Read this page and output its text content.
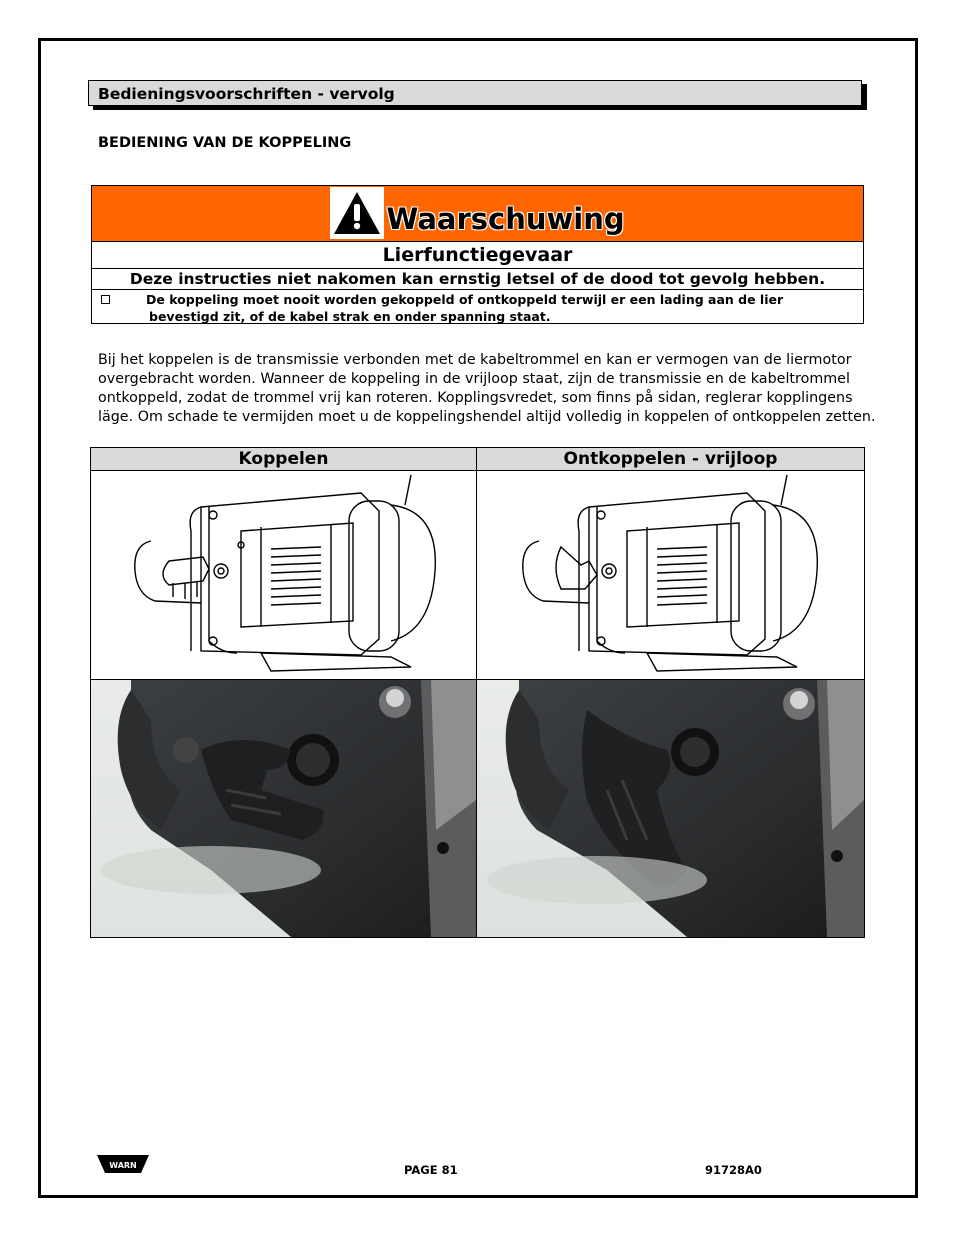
Bedieningsvoorschriften - vervolg
BEDIENING VAN DE KOPPELING
Waarschuwing
Lierfunctiegevaar
Deze instructies niet nakomen kan ernstig letsel of de dood tot gevolg hebben.
De koppeling moet nooit worden gekoppeld of ontkoppeld terwijl er een lading aan de lier
bevestigd zit, of de kabel strak en onder spanning staat.
Bij het koppelen is de transmissie verbonden met de kabeltrommel en kan er vermogen van de liermotor
overgebracht worden. Wanneer de koppeling in de vrijloop staat, zijn de transmissie en de kabeltrommel
ontkoppeld, zodat de trommel vrij kan roteren. Kopplingsvredet, som finns på sidan, reglerar kopplingens
läge. Om schade te vermijden moet u de koppelingshendel altijd volledig in koppelen of ontkoppelen zetten.
Koppelen	Ontkoppelen - vrijloop
WARN	PAGE 81	91728A0
